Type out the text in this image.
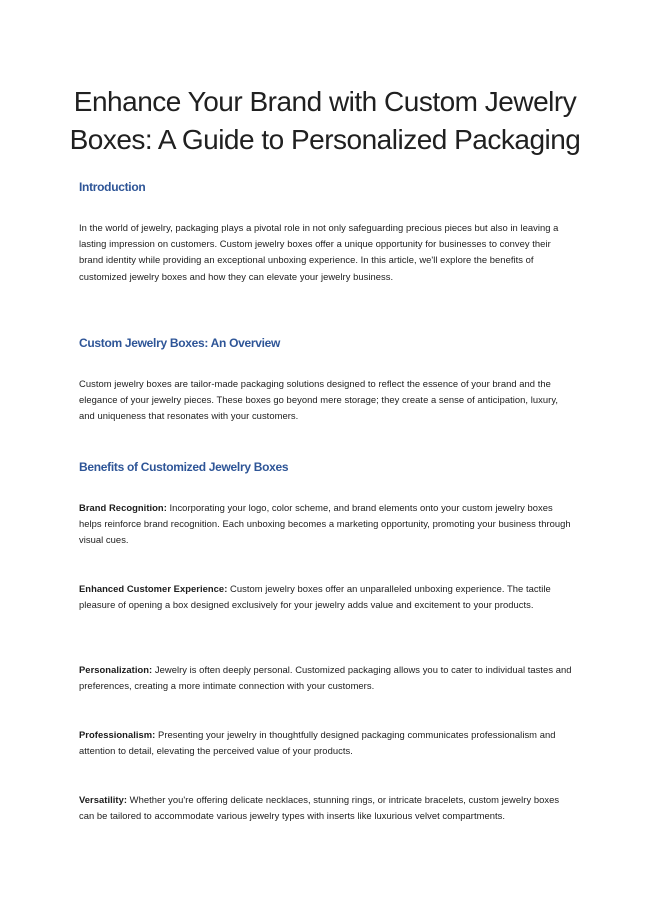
Enhance Your Brand with Custom Jewelry Boxes: A Guide to Personalized Packaging
Introduction

In the world of jewelry, packaging plays a pivotal role in not only safeguarding precious pieces but also in leaving a lasting impression on customers. Custom jewelry boxes offer a unique opportunity for businesses to convey their brand identity while providing an exceptional unboxing experience. In this article, we'll explore the benefits of customized jewelry boxes and how they can elevate your jewelry business.

Custom Jewelry Boxes: An Overview

Custom jewelry boxes are tailor-made packaging solutions designed to reflect the essence of your brand and the elegance of your jewelry pieces. These boxes go beyond mere storage; they create a sense of anticipation, luxury, and uniqueness that resonates with your customers.

Benefits of Customized Jewelry Boxes

Brand Recognition: Incorporating your logo, color scheme, and brand elements onto your custom jewelry boxes helps reinforce brand recognition. Each unboxing becomes a marketing opportunity, promoting your business through visual cues.

Enhanced Customer Experience: Custom jewelry boxes offer an unparalleled unboxing experience. The tactile pleasure of opening a box designed exclusively for your jewelry adds value and excitement to your products.

Personalization: Jewelry is often deeply personal. Customized packaging allows you to cater to individual tastes and preferences, creating a more intimate connection with your customers.

Professionalism: Presenting your jewelry in thoughtfully designed packaging communicates professionalism and attention to detail, elevating the perceived value of your products.

Versatility: Whether you're offering delicate necklaces, stunning rings, or intricate bracelets, custom jewelry boxes can be tailored to accommodate various jewelry types with inserts like luxurious velvet compartments.
